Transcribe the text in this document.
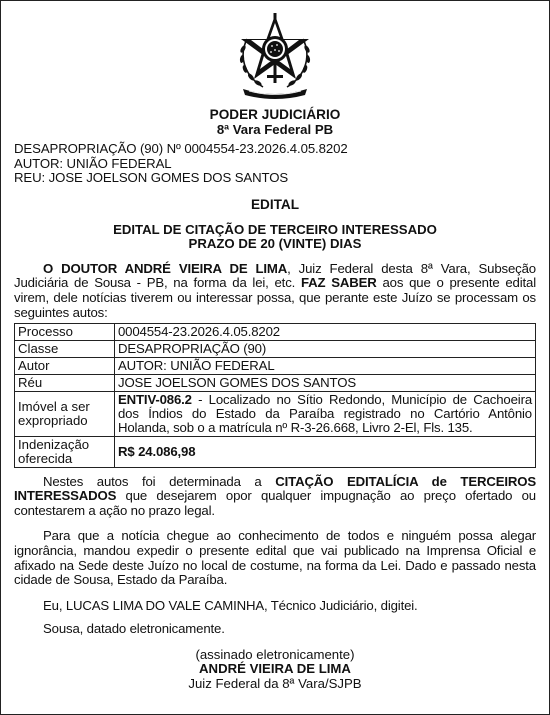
PODER JUDICIÁRIO
8ª Vara Federal PB
DESAPROPRIAÇÃO (90) Nº 0004554-23.2026.4.05.8202
AUTOR: UNIÃO FEDERAL
REU: JOSE JOELSON GOMES DOS SANTOS
EDITAL
EDITAL DE CITAÇÃO DE TERCEIRO INTERESSADO
PRAZO DE 20 (VINTE) DIAS

O DOUTOR ANDRÉ VIEIRA DE LIMA, Juiz Federal desta 8ª Vara, Subseção Judiciária de Sousa - PB, na forma da lei, etc. FAZ SABER aos que o presente edital virem, dele notícias tiverem ou interessar possa, que perante este Juízo se processam os seguintes autos:

Processo	0004554-23.2026.4.05.8202
Classe	DESAPROPRIAÇÃO (90)
Autor	AUTOR: UNIÃO FEDERAL
Réu	JOSE JOELSON GOMES DOS SANTOS
Imóvel a ser expropriado	ENTIV-086.2 - Localizado no Sítio Redondo, Município de Cachoeira dos Índios do Estado da Paraíba registrado no Cartório Antônio Holanda, sob o a matrícula nº R-3-26.668, Livro 2-El, Fls. 135.
Indenização oferecida	R$ 24.086,98

Nestes autos foi determinada a CITAÇÃO EDITALÍCIA de TERCEIROS INTERESSADOS que desejarem opor qualquer impugnação ao preço ofertado ou contestarem a ação no prazo legal.

Para que a notícia chegue ao conhecimento de todos e ninguém possa alegar ignorância, mandou expedir o presente edital que vai publicado na Imprensa Oficial e afixado na Sede deste Juízo no local de costume, na forma da Lei. Dado e passado nesta cidade de Sousa, Estado da Paraíba.

Eu, LUCAS LIMA DO VALE CAMINHA, Técnico Judiciário, digitei.

Sousa, datado eletronicamente.

(assinado eletronicamente)
ANDRÉ VIEIRA DE LIMA
Juiz Federal da 8ª Vara/SJPB
